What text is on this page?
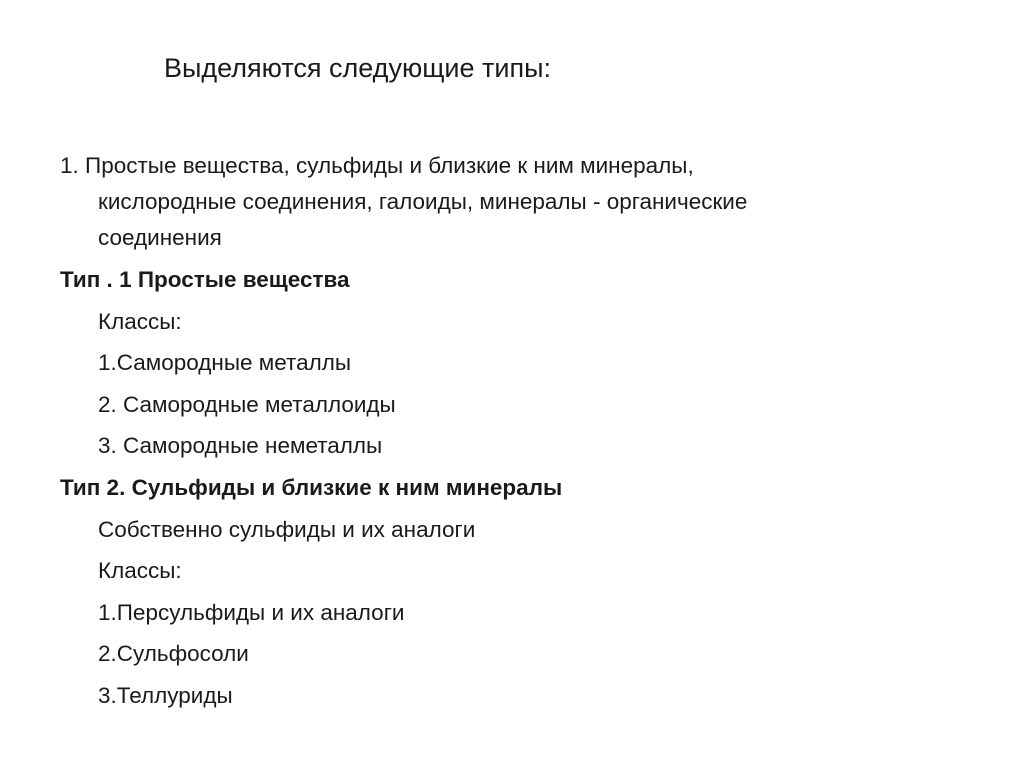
Выделяются следующие типы:

1. Простые вещества, сульфиды и близкие к ним минералы,
кислородные соединения, галоиды, минералы - органические
соединения

Тип . 1 Простые вещества

Классы:

1.Самородные металлы

2. Самородные металлоиды

3. Самородные неметаллы

Тип 2. Сульфиды и близкие к ним минералы

Собственно сульфиды и их аналоги

Классы:

1.Персульфиды и их аналоги

2.Сульфосоли

3.Теллуриды
